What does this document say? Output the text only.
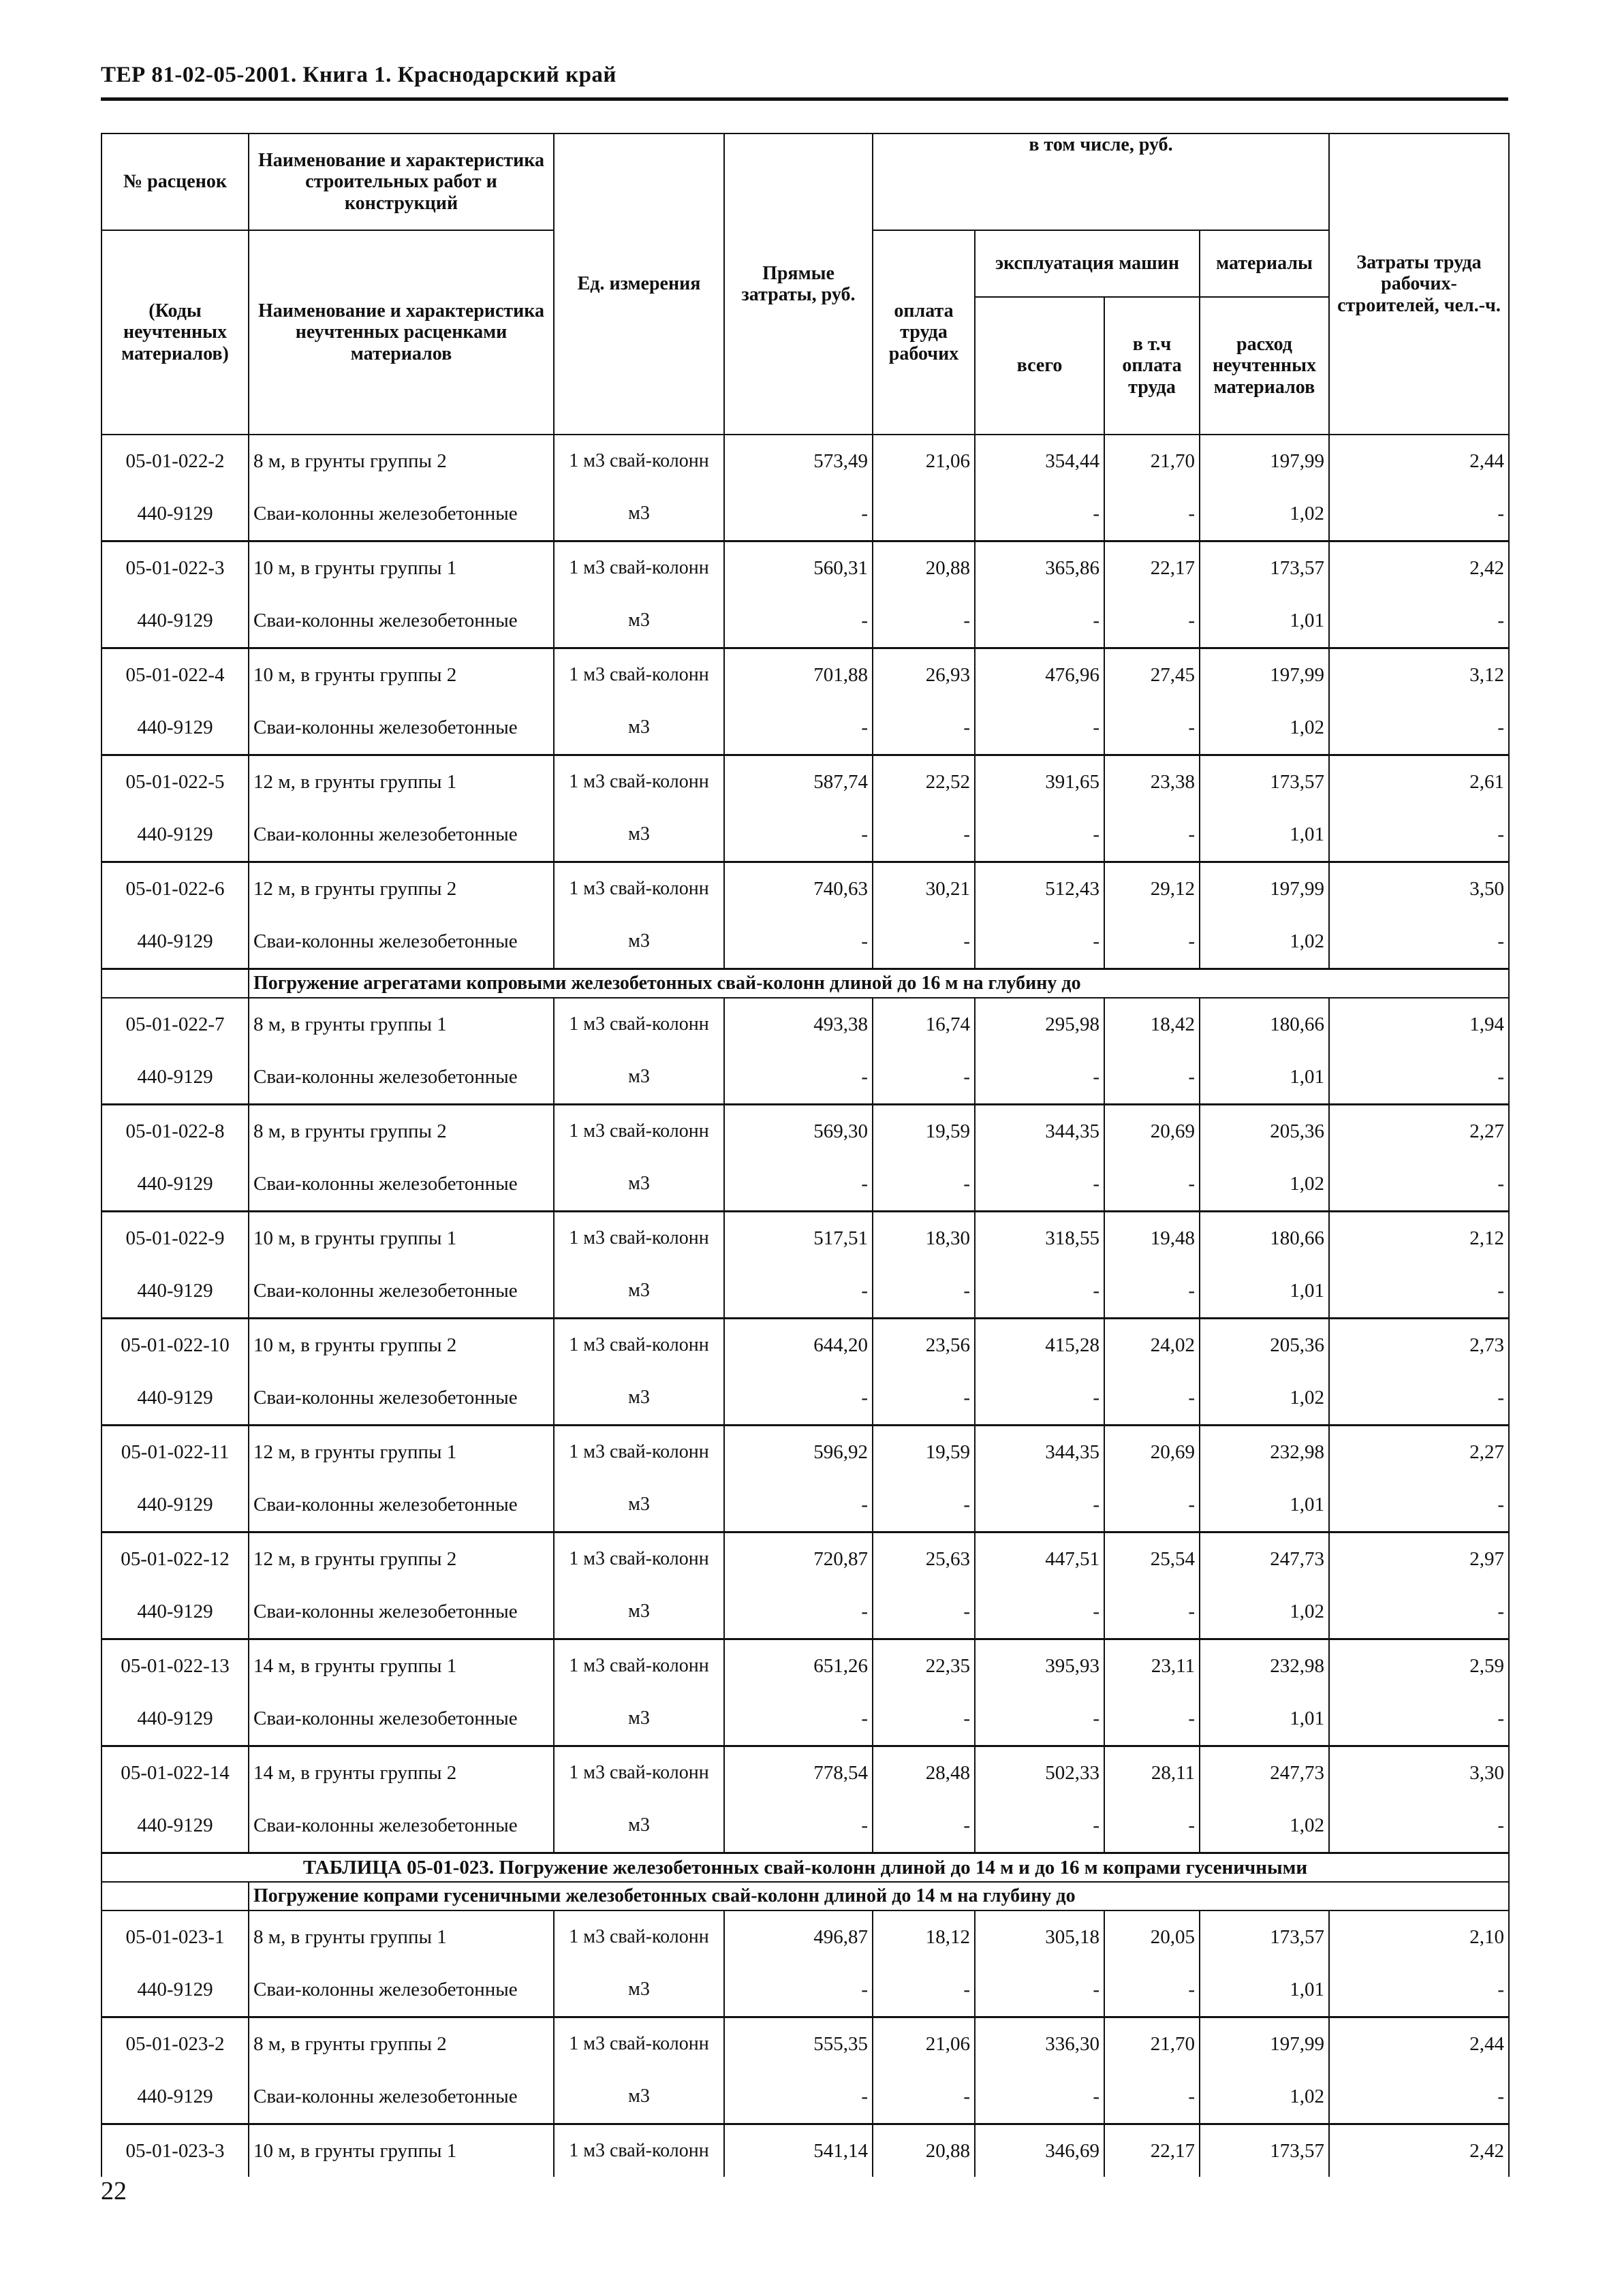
ТЕР 81-02-05-2001. Книга 1. Краснодарский край
№ расценок	Наименование и характеристика строительных работ и конструкций	Ед. измерения	Прямые затраты, руб.	в том числе, руб.				Затраты труда рабочих-строителей, чел.-ч.
(Коды неучтенных материалов)	Наименование и характеристика неучтенных расценками материалов			оплата труда рабочих	эксплуатация машин		материалы	
					всего	в т.ч оплата труда	расход неучтенных материалов	
05-01-022-2	8 м, в грунты группы 2	1 м3 свай-колонн	573,49	21,06	354,44	21,70	197,99	2,44
440-9129	Сваи-колонны железобетонные	м3	-		-	-	1,02	-
05-01-022-3	10 м, в грунты группы 1	1 м3 свай-колонн	560,31	20,88	365,86	22,17	173,57	2,42
440-9129	Сваи-колонны железобетонные	м3	-	-	-	-	1,01	-
05-01-022-4	10 м, в грунты группы 2	1 м3 свай-колонн	701,88	26,93	476,96	27,45	197,99	3,12
440-9129	Сваи-колонны железобетонные	м3	-	-	-	-	1,02	-
05-01-022-5	12 м, в грунты группы 1	1 м3 свай-колонн	587,74	22,52	391,65	23,38	173,57	2,61
440-9129	Сваи-колонны железобетонные	м3	-	-	-	-	1,01	-
05-01-022-6	12 м, в грунты группы 2	1 м3 свай-колонн	740,63	30,21	512,43	29,12	197,99	3,50
440-9129	Сваи-колонны железобетонные	м3	-	-	-	-	1,02	-
	Погружение агрегатами копровыми железобетонных свай-колонн длиной до 16 м на глубину до							
05-01-022-7	8 м, в грунты группы 1	1 м3 свай-колонн	493,38	16,74	295,98	18,42	180,66	1,94
440-9129	Сваи-колонны железобетонные	м3	-	-	-	-	1,01	-
05-01-022-8	8 м, в грунты группы 2	1 м3 свай-колонн	569,30	19,59	344,35	20,69	205,36	2,27
440-9129	Сваи-колонны железобетонные	м3	-	-	-	-	1,02	-
05-01-022-9	10 м, в грунты группы 1	1 м3 свай-колонн	517,51	18,30	318,55	19,48	180,66	2,12
440-9129	Сваи-колонны железобетонные	м3	-	-	-	-	1,01	-
05-01-022-10	10 м, в грунты группы 2	1 м3 свай-колонн	644,20	23,56	415,28	24,02	205,36	2,73
440-9129	Сваи-колонны железобетонные	м3	-	-	-	-	1,02	-
05-01-022-11	12 м, в грунты группы 1	1 м3 свай-колонн	596,92	19,59	344,35	20,69	232,98	2,27
440-9129	Сваи-колонны железобетонные	м3	-	-	-	-	1,01	-
05-01-022-12	12 м, в грунты группы 2	1 м3 свай-колонн	720,87	25,63	447,51	25,54	247,73	2,97
440-9129	Сваи-колонны железобетонные	м3	-	-	-	-	1,02	-
05-01-022-13	14 м, в грунты группы 1	1 м3 свай-колонн	651,26	22,35	395,93	23,11	232,98	2,59
440-9129	Сваи-колонны железобетонные	м3	-	-	-	-	1,01	-
05-01-022-14	14 м, в грунты группы 2	1 м3 свай-колонн	778,54	28,48	502,33	28,11	247,73	3,30
440-9129	Сваи-колонны железобетонные	м3	-	-	-	-	1,02	-
ТАБЛИЦА 05-01-023. Погружение железобетонных свай-колонн длиной до 14 м и до 16 м копрами гусеничными								
	Погружение копрами гусеничными железобетонных свай-колонн длиной до 14 м на глубину до							
05-01-023-1	8 м, в грунты группы 1	1 м3 свай-колонн	496,87	18,12	305,18	20,05	173,57	2,10
440-9129	Сваи-колонны железобетонные	м3	-	-	-	-	1,01	-
05-01-023-2	8 м, в грунты группы 2	1 м3 свай-колонн	555,35	21,06	336,30	21,70	197,99	2,44
440-9129	Сваи-колонны железобетонные	м3	-	-	-	-	1,02	-
05-01-023-3	10 м, в грунты группы 1	1 м3 свай-колонн	541,14	20,88	346,69	22,17	173,57	2,42
22
